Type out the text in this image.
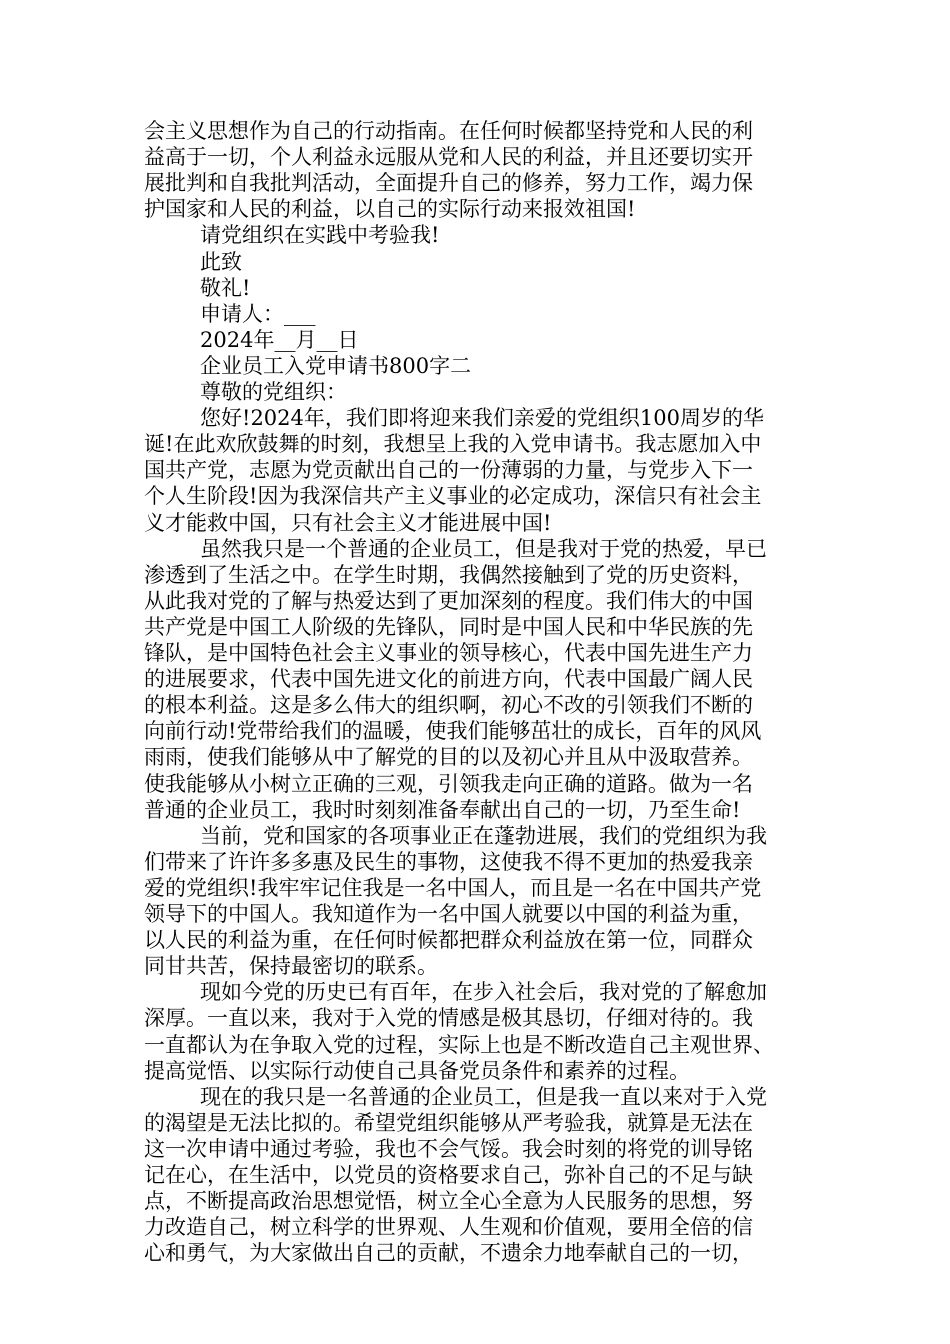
会主义思想作为自己的行动指南。在任何时候都坚持党和人民的利
益高于一切，个人利益永远服从党和人民的利益，并且还要切实开
展批判和自我批判活动，全面提升自己的修养，努力工作，竭力保
护国家和人民的利益，以自己的实际行动来报效祖国!
请党组织在实践中考验我!
此致
敬礼!
申请人：___
2024年__月__日
企业员工入党申请书800字二
尊敬的党组织：
您好!2024年，我们即将迎来我们亲爱的党组织100周岁的华
诞!在此欢欣鼓舞的时刻，我想呈上我的入党申请书。我志愿加入中
国共产党，志愿为党贡献出自己的一份薄弱的力量，与党步入下一
个人生阶段!因为我深信共产主义事业的必定成功，深信只有社会主
义才能救中国，只有社会主义才能进展中国!
虽然我只是一个普通的企业员工，但是我对于党的热爱，早已
渗透到了生活之中。在学生时期，我偶然接触到了党的历史资料，
从此我对党的了解与热爱达到了更加深刻的程度。我们伟大的中国
共产党是中国工人阶级的先锋队，同时是中国人民和中华民族的先
锋队，是中国特色社会主义事业的领导核心，代表中国先进生产力
的进展要求，代表中国先进文化的前进方向，代表中国最广阔人民
的根本利益。这是多么伟大的组织啊，初心不改的引领我们不断的
向前行动!党带给我们的温暖，使我们能够茁壮的成长，百年的风风
雨雨，使我们能够从中了解党的目的以及初心并且从中汲取营养。
使我能够从小树立正确的三观，引领我走向正确的道路。做为一名
普通的企业员工，我时时刻刻准备奉献出自己的一切，乃至生命!
当前，党和国家的各项事业正在蓬勃进展，我们的党组织为我
们带来了许许多多惠及民生的事物，这使我不得不更加的热爱我亲
爱的党组织!我牢牢记住我是一名中国人，而且是一名在中国共产党
领导下的中国人。我知道作为一名中国人就要以中国的利益为重，
以人民的利益为重，在任何时候都把群众利益放在第一位，同群众
同甘共苦，保持最密切的联系。
现如今党的历史已有百年，在步入社会后，我对党的了解愈加
深厚。一直以来，我对于入党的情感是极其恳切，仔细对待的。我
一直都认为在争取入党的过程，实际上也是不断改造自己主观世界、
提高觉悟、以实际行动使自己具备党员条件和素养的过程。
现在的我只是一名普通的企业员工，但是我一直以来对于入党
的渴望是无法比拟的。希望党组织能够从严考验我，就算是无法在
这一次申请中通过考验，我也不会气馁。我会时刻的将党的训导铭
记在心，在生活中，以党员的资格要求自己，弥补自己的不足与缺
点，不断提高政治思想觉悟，树立全心全意为人民服务的思想，努
力改造自己，树立科学的世界观、人生观和价值观，要用全倍的信
心和勇气，为大家做出自己的贡献，不遗余力地奉献自己的一切，
